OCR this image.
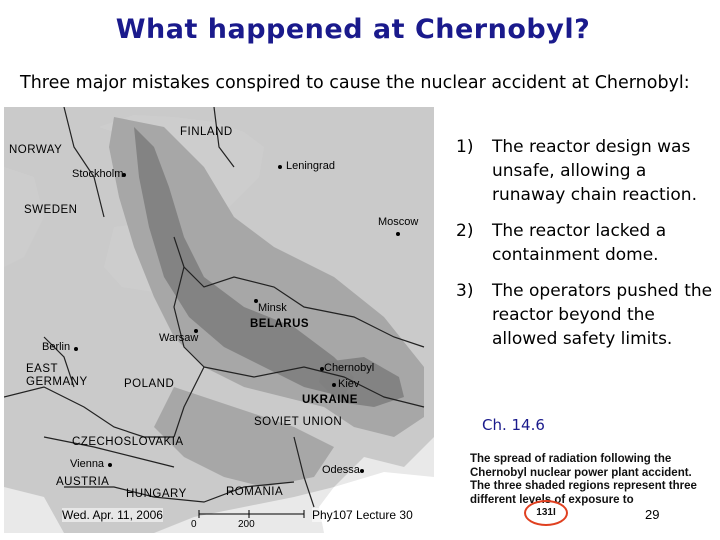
What happened at Chernobyl?
Three major mistakes conspired to cause the nuclear accident at Chernobyl:
FINLAND
NORWAY
Stockholm
Leningrad
SWEDEN
Moscow
Minsk
BELARUS
Berlin
EAST GERMANY	POLAND
Warsaw
Chernobyl
Kiev
UKRAINE
SOVIET UNION
CZECHOSLOVAKIA
Vienna
AUSTRIA
Odessa
HUNGARY	ROMANIA
0	200
1)	The reactor design was unsafe, allowing a runaway chain reaction.
2)	The reactor lacked a containment dome.
3)	The operators pushed the reactor beyond the allowed safety limits.
Ch. 14.6
The spread of radiation following the Chernobyl nuclear power plant accident. The three shaded regions represent three different levels of exposure to
131I
Wed. Apr. 11, 2006	Phy107 Lecture 30	29
